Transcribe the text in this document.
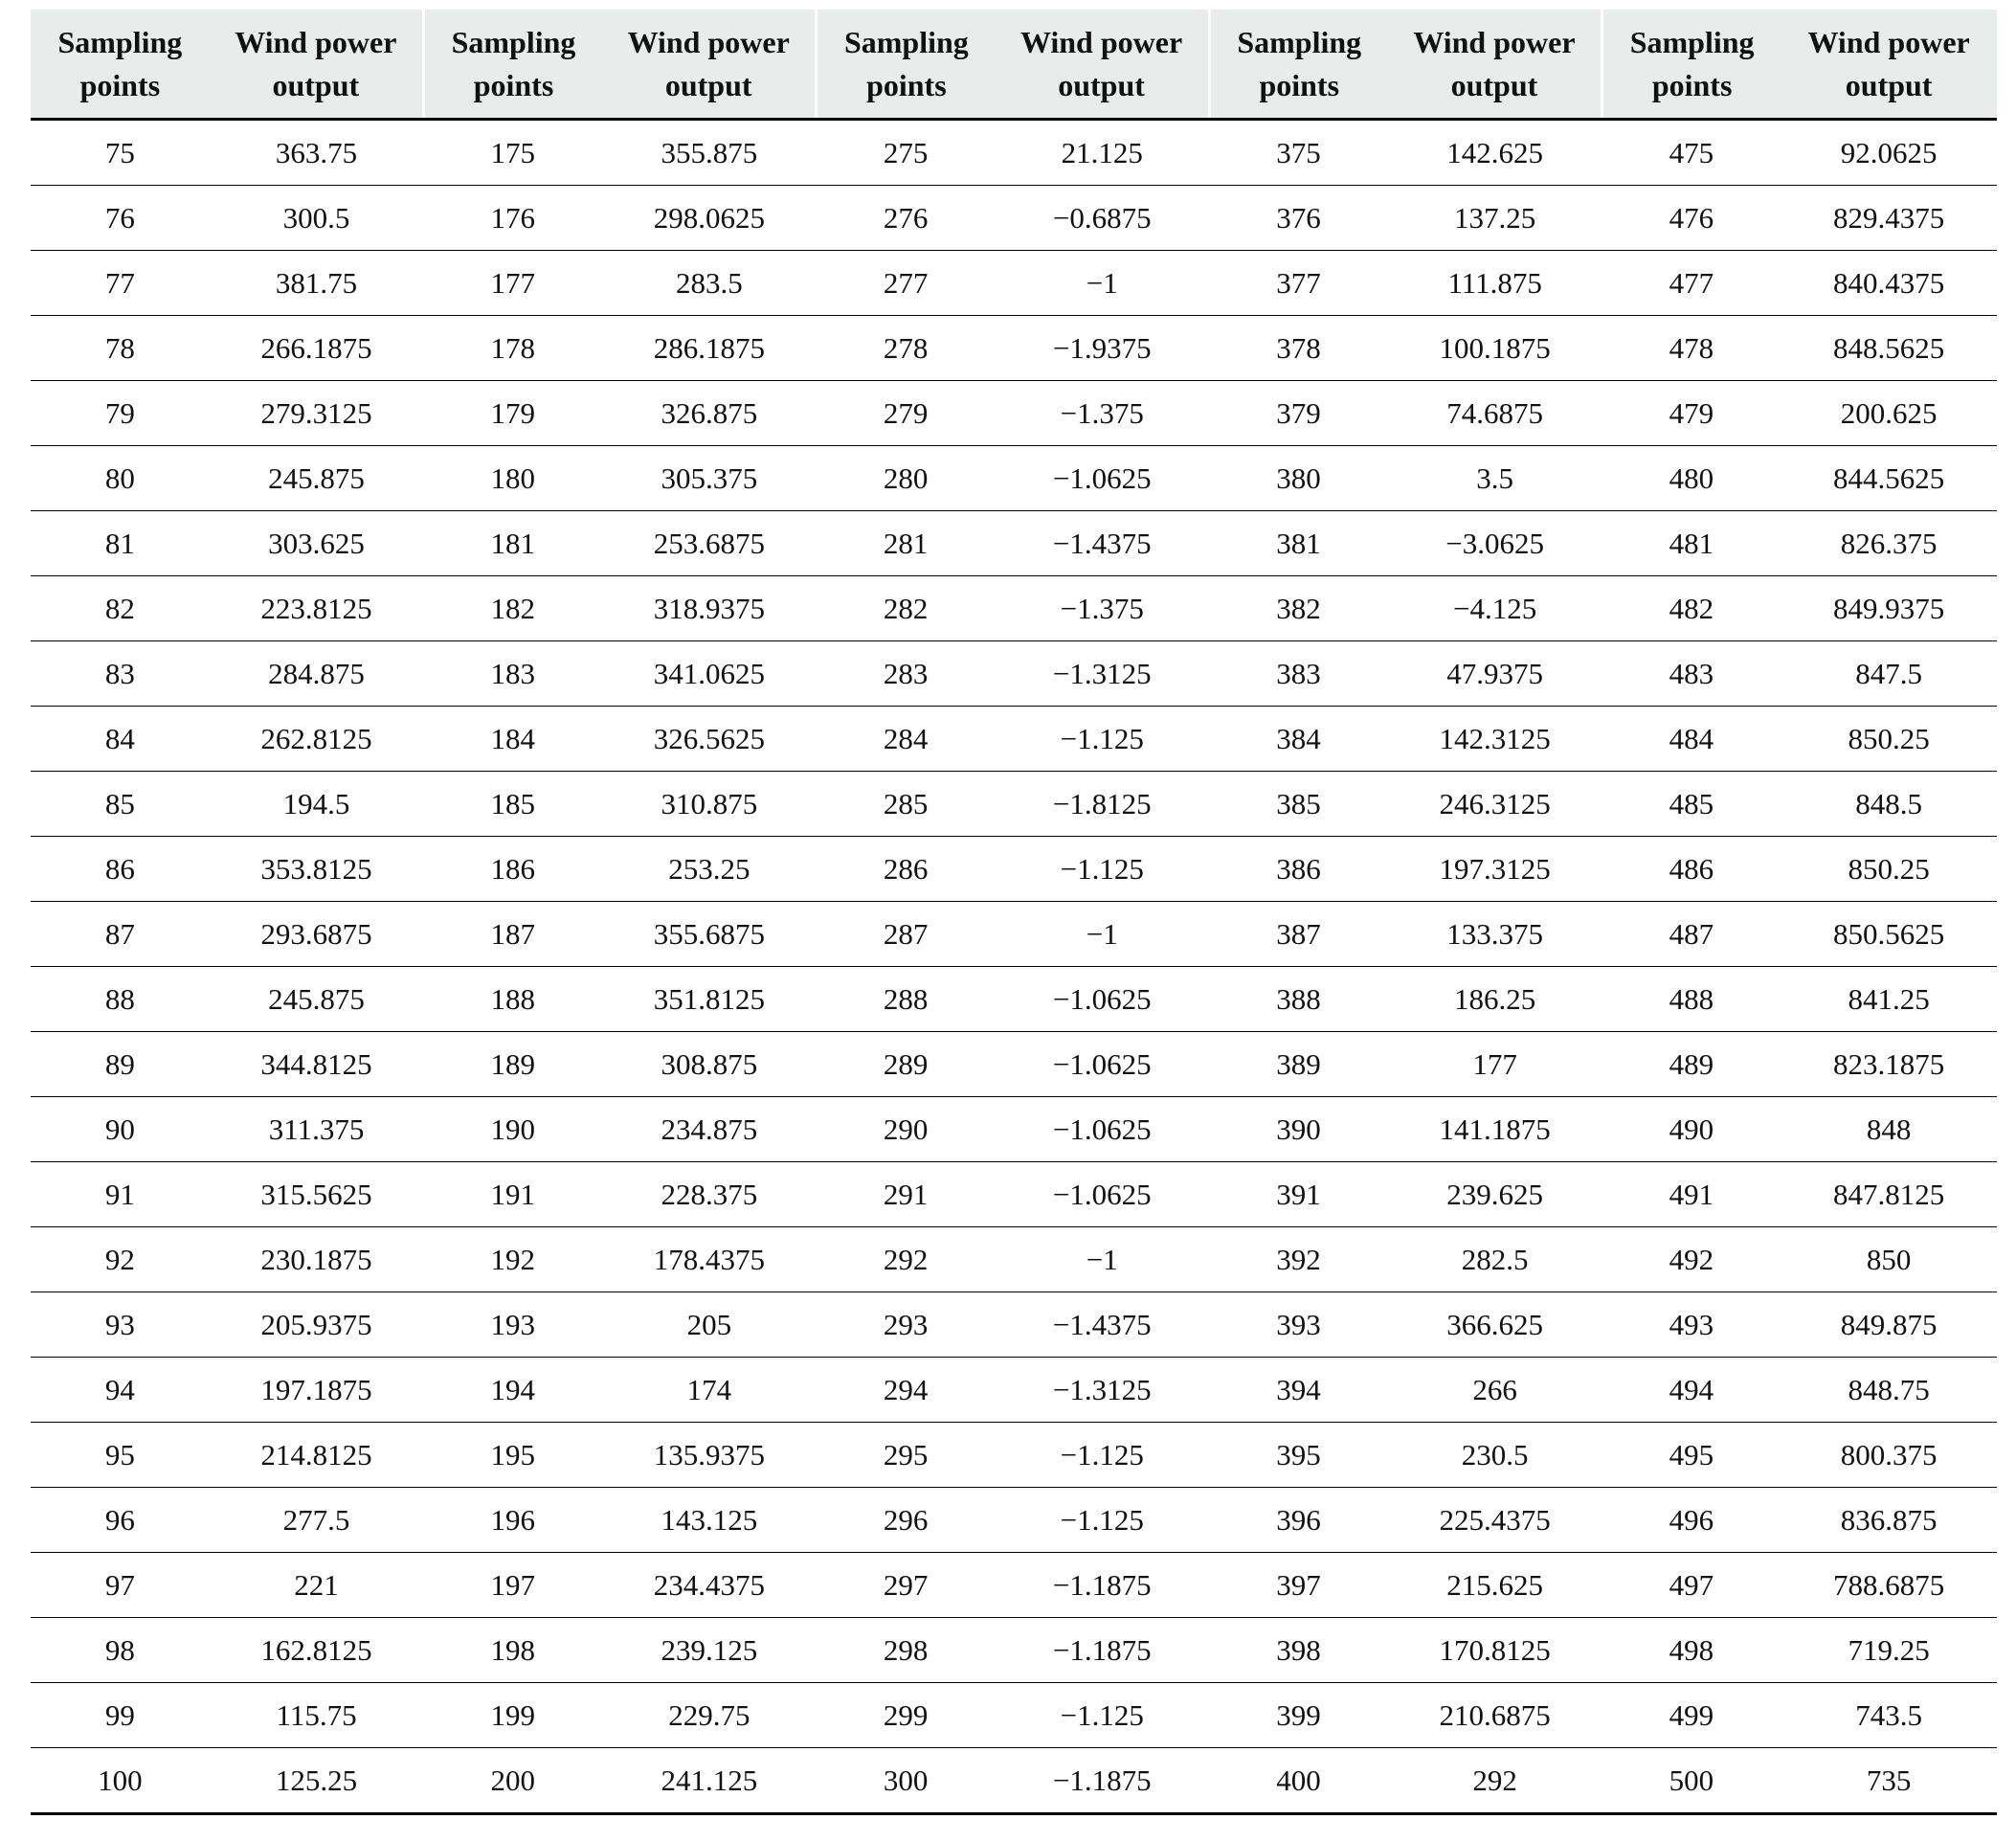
Sampling points	Wind power output	Sampling points	Wind power output	Sampling points	Wind power output	Sampling points	Wind power output	Sampling points	Wind power output
75	363.75	175	355.875	275	21.125	375	142.625	475	92.0625
76	300.5	176	298.0625	276	−0.6875	376	137.25	476	829.4375
77	381.75	177	283.5	277	−1	377	111.875	477	840.4375
78	266.1875	178	286.1875	278	−1.9375	378	100.1875	478	848.5625
79	279.3125	179	326.875	279	−1.375	379	74.6875	479	200.625
80	245.875	180	305.375	280	−1.0625	380	3.5	480	844.5625
81	303.625	181	253.6875	281	−1.4375	381	−3.0625	481	826.375
82	223.8125	182	318.9375	282	−1.375	382	−4.125	482	849.9375
83	284.875	183	341.0625	283	−1.3125	383	47.9375	483	847.5
84	262.8125	184	326.5625	284	−1.125	384	142.3125	484	850.25
85	194.5	185	310.875	285	−1.8125	385	246.3125	485	848.5
86	353.8125	186	253.25	286	−1.125	386	197.3125	486	850.25
87	293.6875	187	355.6875	287	−1	387	133.375	487	850.5625
88	245.875	188	351.8125	288	−1.0625	388	186.25	488	841.25
89	344.8125	189	308.875	289	−1.0625	389	177	489	823.1875
90	311.375	190	234.875	290	−1.0625	390	141.1875	490	848
91	315.5625	191	228.375	291	−1.0625	391	239.625	491	847.8125
92	230.1875	192	178.4375	292	−1	392	282.5	492	850
93	205.9375	193	205	293	−1.4375	393	366.625	493	849.875
94	197.1875	194	174	294	−1.3125	394	266	494	848.75
95	214.8125	195	135.9375	295	−1.125	395	230.5	495	800.375
96	277.5	196	143.125	296	−1.125	396	225.4375	496	836.875
97	221	197	234.4375	297	−1.1875	397	215.625	497	788.6875
98	162.8125	198	239.125	298	−1.1875	398	170.8125	498	719.25
99	115.75	199	229.75	299	−1.125	399	210.6875	499	743.5
100	125.25	200	241.125	300	−1.1875	400	292	500	735
